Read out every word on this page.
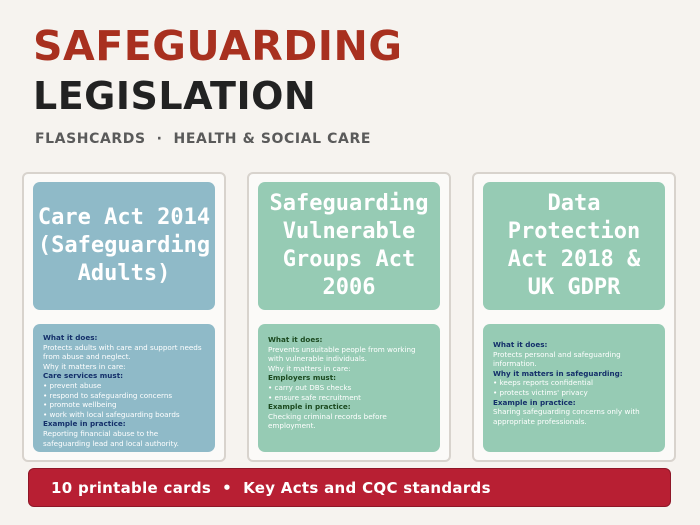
SAFEGUARDING
LEGISLATION
FLASHCARDS  ·  HEALTH & SOCIAL CARE
Care Act 2014 (Safeguarding Adults)
What it does:
Protects adults with care and support needs from abuse and neglect.
Why it matters in care:
Care services must:
• prevent abuse
• respond to safeguarding concerns
• promote wellbeing
• work with local safeguarding boards
Example in practice:
Reporting financial abuse to the safeguarding lead and local authority.
Safeguarding Vulnerable Groups Act 2006
What it does:
Prevents unsuitable people from working with vulnerable individuals.
Why it matters in care:
Employers must:
• carry out DBS checks
• ensure safe recruitment
Example in practice:
Checking criminal records before employment.
Data Protection Act 2018 & UK GDPR
What it does:
Protects personal and safeguarding information.
Why it matters in safeguarding:
• keeps reports confidential
• protects victims' privacy
Example in practice:
Sharing safeguarding concerns only with appropriate professionals.
10 printable cards  •  Key Acts and CQC standards
